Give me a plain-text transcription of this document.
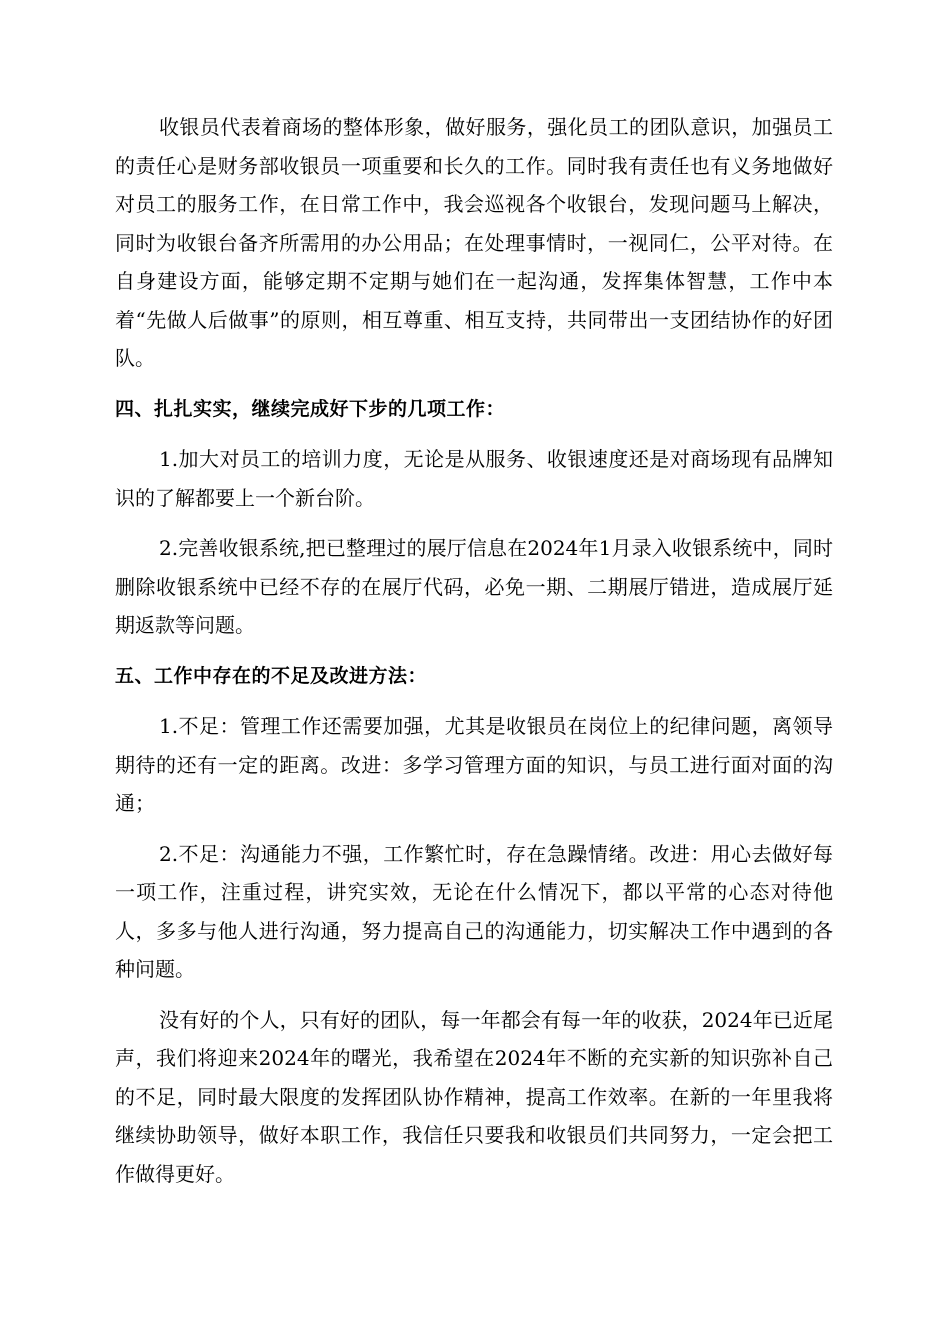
收银员代表着商场的整体形象，做好服务，强化员工的团队意识，加强员工的责任心是财务部收银员一项重要和长久的工作。同时我有责任也有义务地做好对员工的服务工作，在日常工作中，我会巡视各个收银台，发现问题马上解决，同时为收银台备齐所需用的办公用品；在处理事情时，一视同仁，公平对待。在自身建设方面，能够定期不定期与她们在一起沟通，发挥集体智慧，工作中本着“先做人后做事”的原则，相互尊重、相互支持，共同带出一支团结协作的好团队。

四、扎扎实实，继续完成好下步的几项工作：

1.加大对员工的培训力度，无论是从服务、收银速度还是对商场现有品牌知识的了解都要上一个新台阶。

2.完善收银系统,把已整理过的展厅信息在2024年1月录入收银系统中，同时删除收银系统中已经不存的在展厅代码，必免一期、二期展厅错进，造成展厅延期返款等问题。

五、工作中存在的不足及改进方法：

1.不足：管理工作还需要加强，尤其是收银员在岗位上的纪律问题，离领导期待的还有一定的距离。改进：多学习管理方面的知识，与员工进行面对面的沟通；

2.不足：沟通能力不强，工作繁忙时，存在急躁情绪。改进：用心去做好每一项工作，注重过程，讲究实效，无论在什么情况下，都以平常的心态对待他人，多多与他人进行沟通，努力提高自己的沟通能力，切实解决工作中遇到的各种问题。

没有好的个人，只有好的团队，每一年都会有每一年的收获，2024年已近尾声，我们将迎来2024年的曙光，我希望在2024年不断的充实新的知识弥补自己的不足，同时最大限度的发挥团队协作精神，提高工作效率。在新的一年里我将继续协助领导，做好本职工作，我信任只要我和收银员们共同努力，一定会把工作做得更好。
